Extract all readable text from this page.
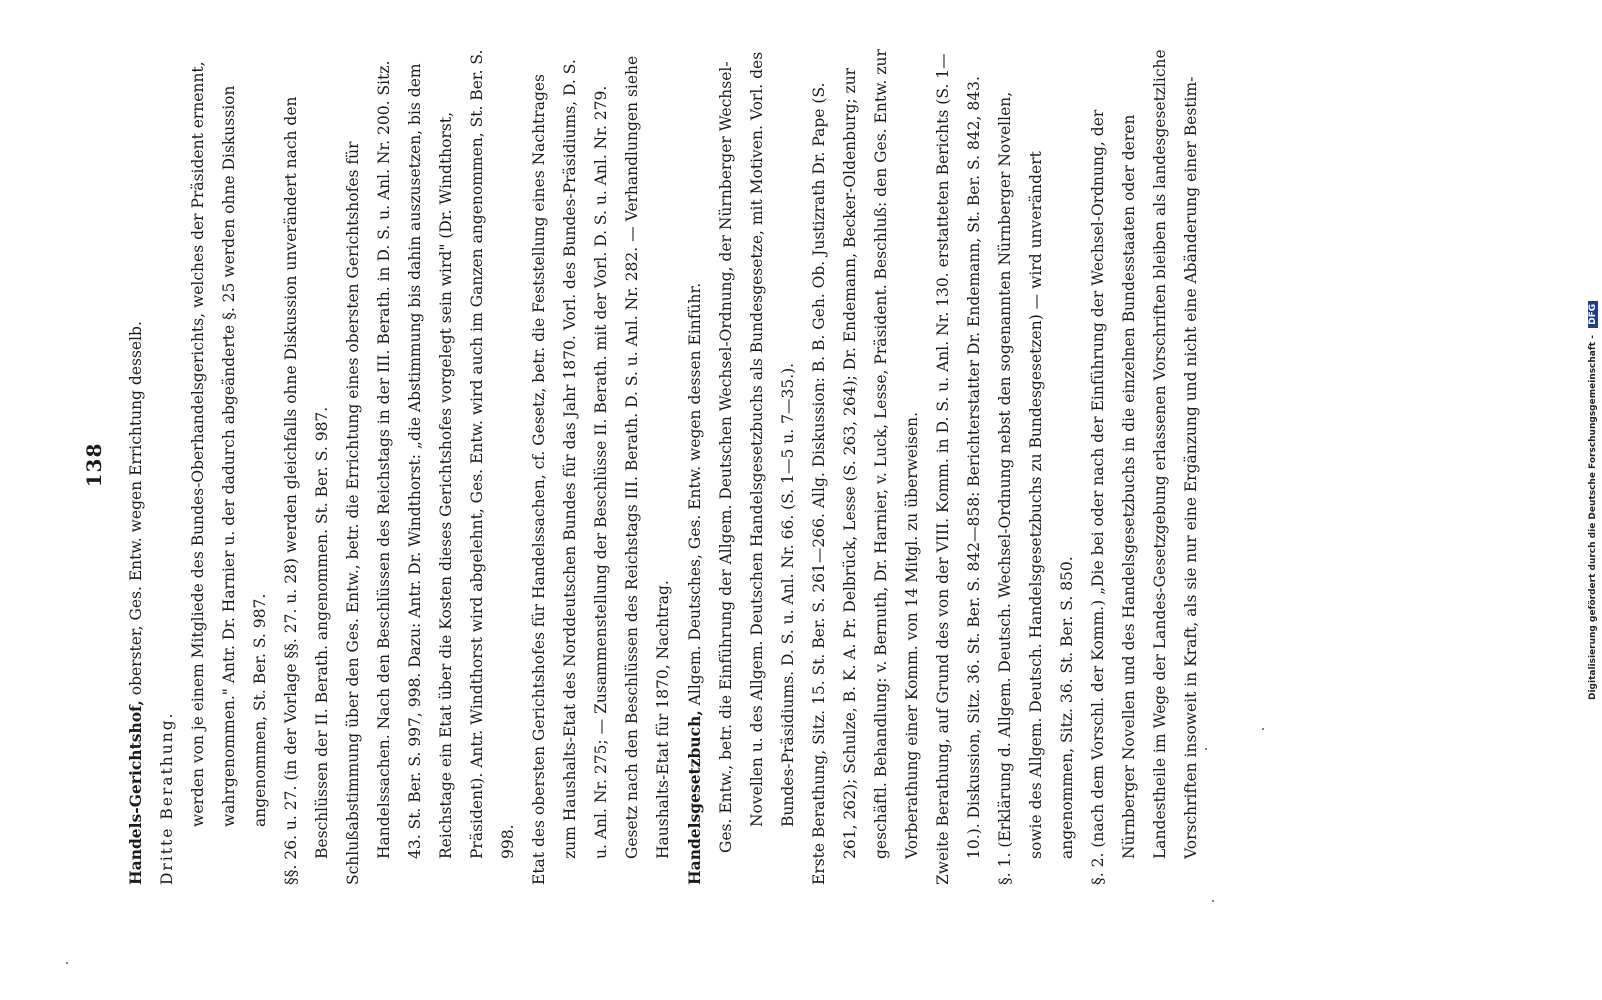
138

Handels-Gerichtshof, oberster, Ges. Entw. wegen Errichtung desselb.

Dritte Berathung. werden von je einem Mitgliede des Bundes-Oberhandelsgerichts, welches der Präsident ernennt, wahrgenommen." Antr. Dr. Harnier u. der dadurch abgeänderte §. 25 werden ohne Diskussion angenommen, St. Ber. S. 987. §§. 26. u. 27. (in der Vorlage §§. 27. u. 28) werden gleichfalls ohne Diskussion unverändert nach den Beschlüssen der II. Berath. angenommen. St. Ber. S. 987. Schlußabstimmung über den Ges. Entw., betr. die Errichtung eines obersten Gerichtshofes für Handelssachen. Nach den Beschlüssen des Reichstags in der III. Berath. in D. S. u. Anl. Nr. 200. Sitz. 43. St. Ber. S. 997, 998. Dazu: Antr. Dr. Windthorst: „die Abstimmung bis dahin auszusetzen, bis dem Reichstage ein Etat über die Kosten dieses Gerichtshofes vorgelegt sein wird" (Dr. Windthorst, Präsident). Antr. Windthorst wird abgelehnt, Ges. Entw. wird auch im Ganzen angenommen, St. Ber. S. 998. Etat des obersten Gerichtshofes für Handelssachen, cf. Gesetz, betr. die Feststellung eines Nachtrages zum Haushalts-Etat des Norddeutschen Bundes für das Jahr 1870. Vorl. des Bundes-Präsidiums, D. S. u. Anl. Nr. 275; — Zusammenstellung der Beschlüsse II. Berath. mit der Vorl. D. S. u. Anl. Nr. 279. Gesetz nach den Beschlüssen des Reichstags III. Berath. D. S. u. Anl. Nr. 282. — Verhandlungen siehe Haushalts-Etat für 1870, Nachtrag. Handelsgesetzbuch, Allgem. Deutsches, Ges. Entw. wegen dessen Einführ. Ges. Entw., betr. die Einführung der Allgem. Deutschen Wechsel-Ordnung, der Nürnberger Wechsel-Novellen u. des Allgem. Deutschen Handelsgesetzbuchs als Bundesgesetze, mit Motiven. Vorl. des Bundes-Präsidiums. D. S. u. Anl. Nr. 66. (S. 1—5 u. 7—35.). Erste Berathung, Sitz. 15. St. Ber. S. 261—266. Allg. Diskussion: B. B. Geh. Ob. Justizrath Dr. Pape (S. 261, 262); Schulze, B. K. A. Pr. Delbrück, Lesse (S. 263, 264); Dr. Endemann, Becker-Oldenburg; zur geschäftl. Behandlung: v. Bernuth, Dr. Harnier, v. Luck, Lesse, Präsident. Beschluß: den Ges. Entw. zur Vorberathung einer Komm. von 14 Mitgl. zu überweisen. Zweite Berathung, auf Grund des von der VIII. Komm. in D. S. u. Anl. Nr. 130. erstatteten Berichts (S. 1—10.). Diskussion, Sitz. 36. St. Ber. S. 842—858: Berichterstatter Dr. Endemann, St. Ber. S. 842, 843. §. 1. (Erklärung d. Allgem. Deutsch. Wechsel-Ordnung nebst den sogenannten Nürnberger Novellen, sowie des Allgem. Deutsch. Handelsgesetzbuchs zu Bundesgesetzen) — wird unverändert angenommen, Sitz. 36. St. Ber. S. 850. §. 2. (nach dem Vorschl. der Komm.) „Die bei oder nach der Einführung der Wechsel-Ordnung, der Nürnberger Novellen und des Handelsgesetzbuchs in die einzelnen Bundesstaaten oder deren Landestheile im Wege der Landes-Gesetzgebung erlassenen Vorschriften bleiben als landesgesetzliche Vorschriften insoweit in Kraft, als sie nur eine Ergänzung und nicht eine Abänderung einer Bestim-	Digitalisierung gefördert durch die Deutsche Forschungsgemeinschaft - DFG
